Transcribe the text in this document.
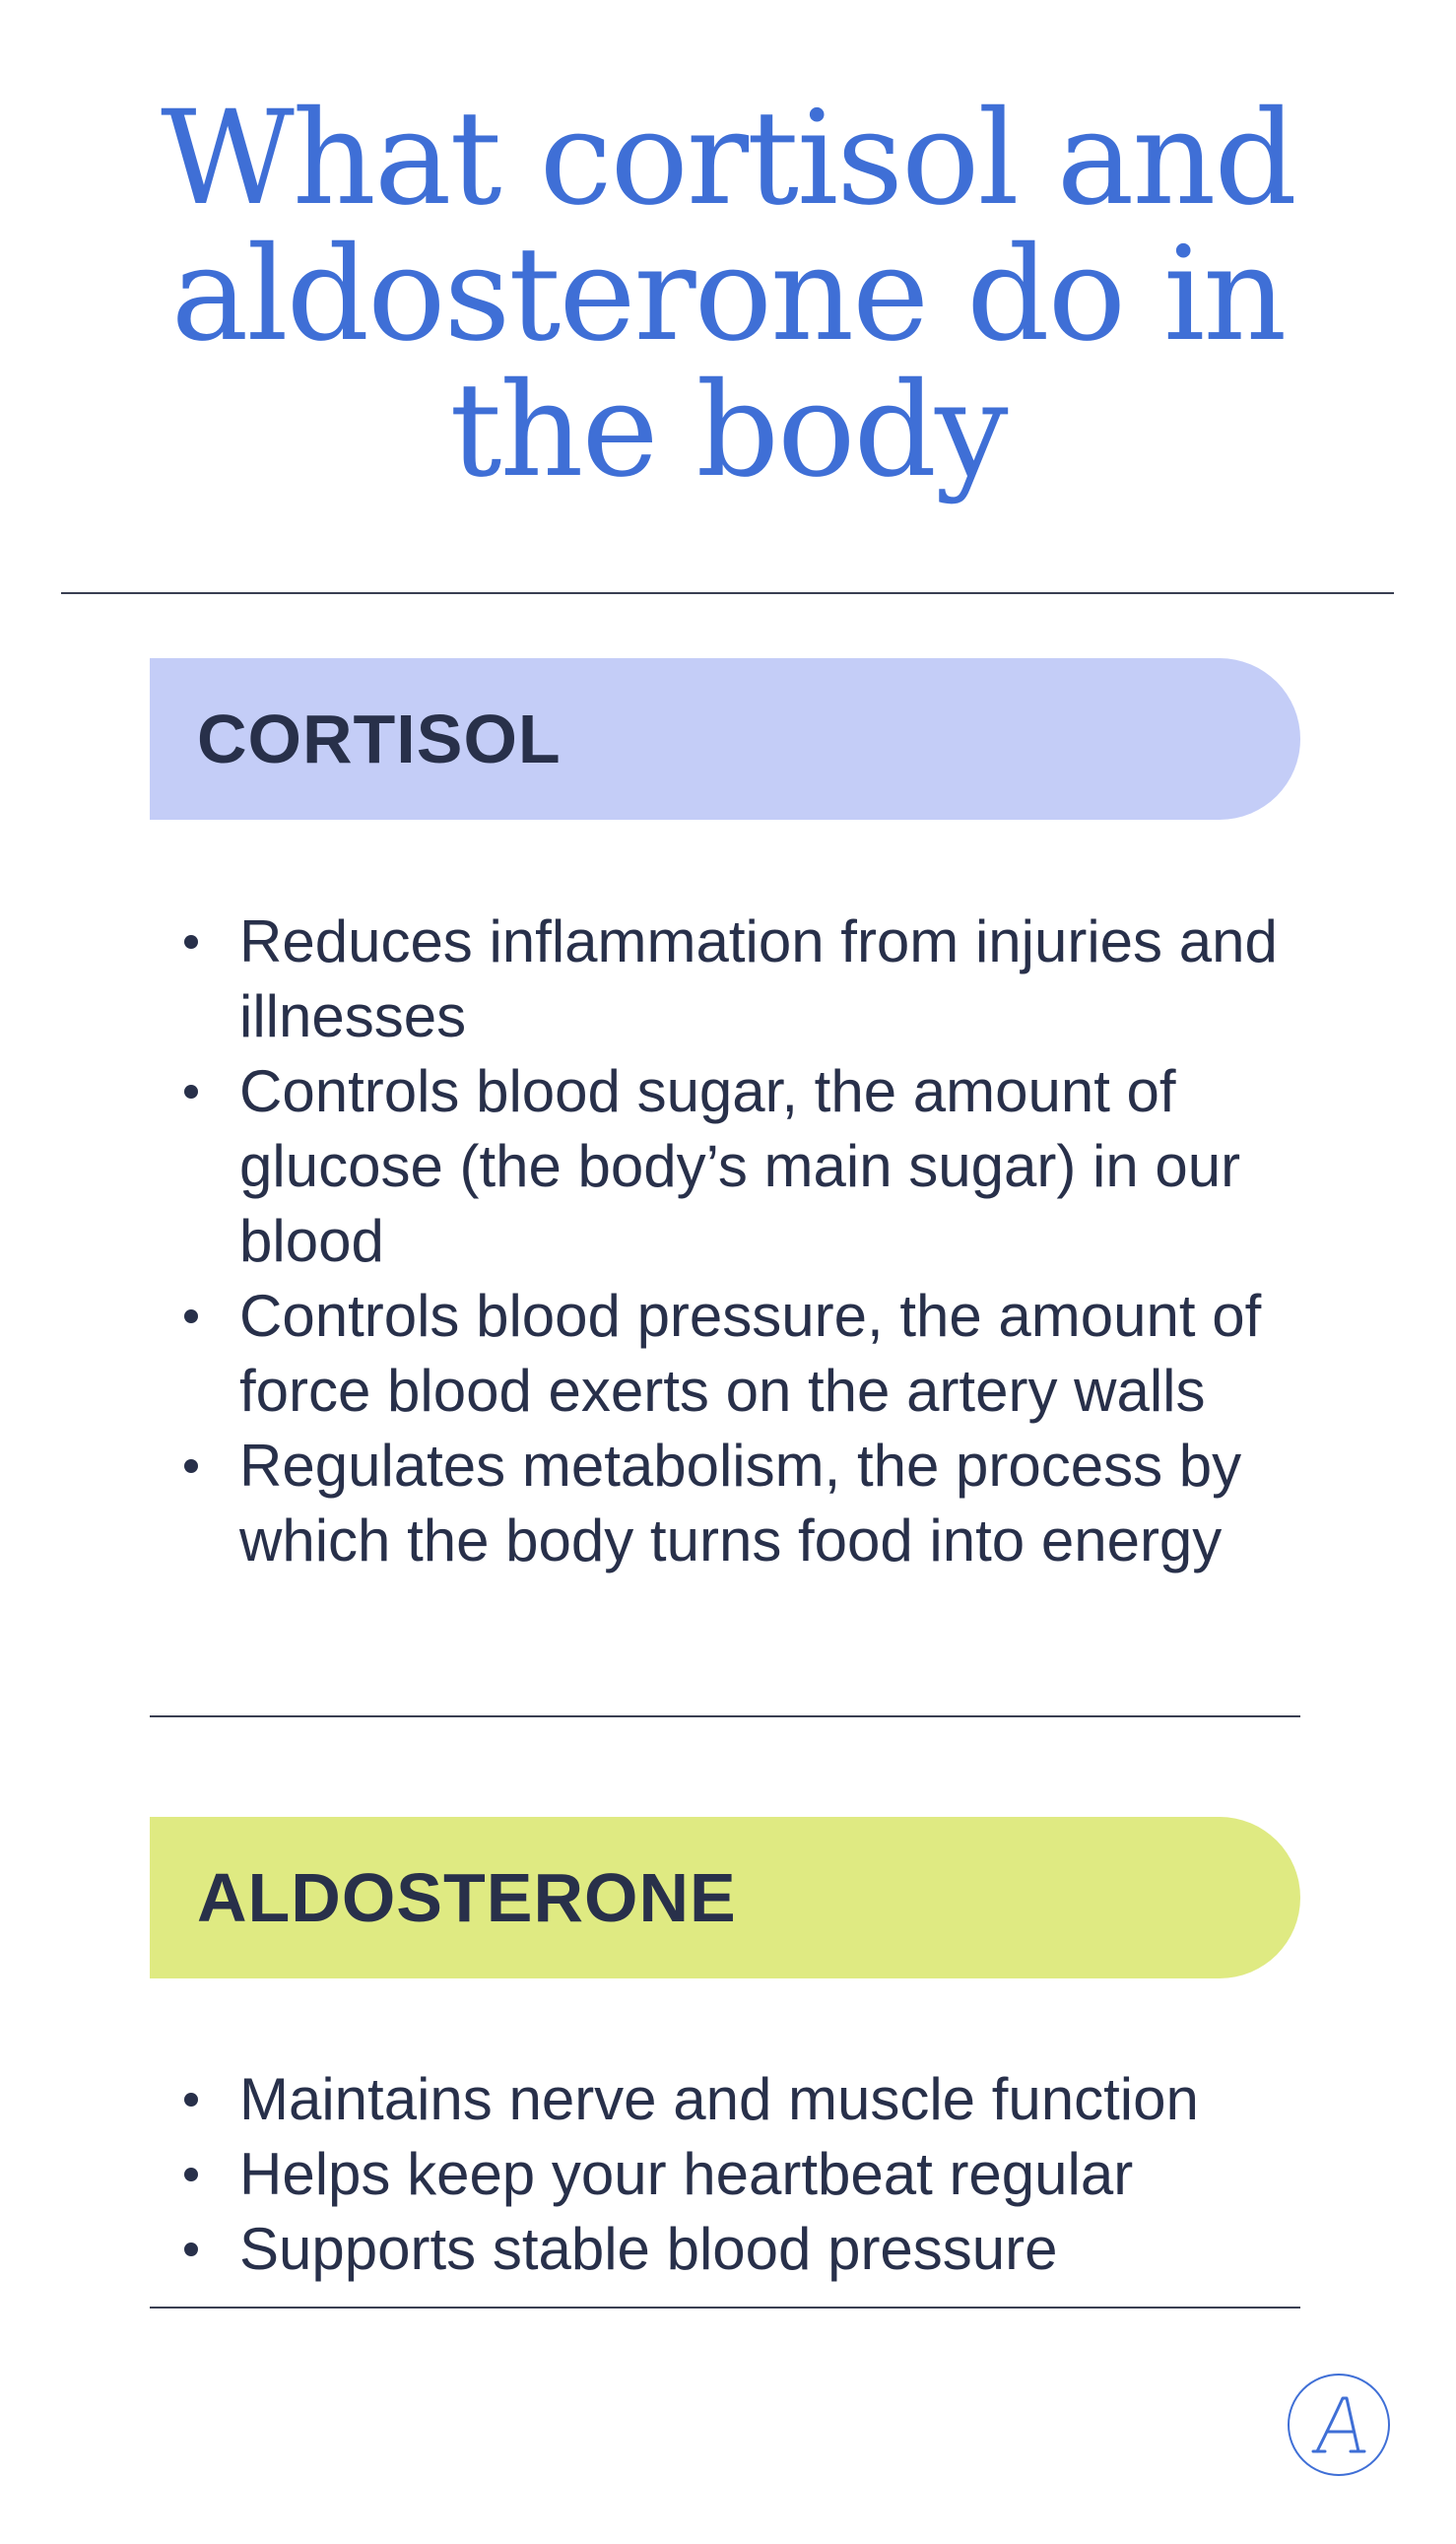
What cortisol and aldosterone do in the body
CORTISOL
Reduces inflammation from injuries and illnesses
Controls blood sugar, the amount of glucose (the body’s main sugar) in our blood
Controls blood pressure, the amount of force blood exerts on the artery walls
Regulates metabolism, the process by which the body turns food into energy
ALDOSTERONE
Maintains nerve and muscle function
Helps keep your heartbeat regular
Supports stable blood pressure
